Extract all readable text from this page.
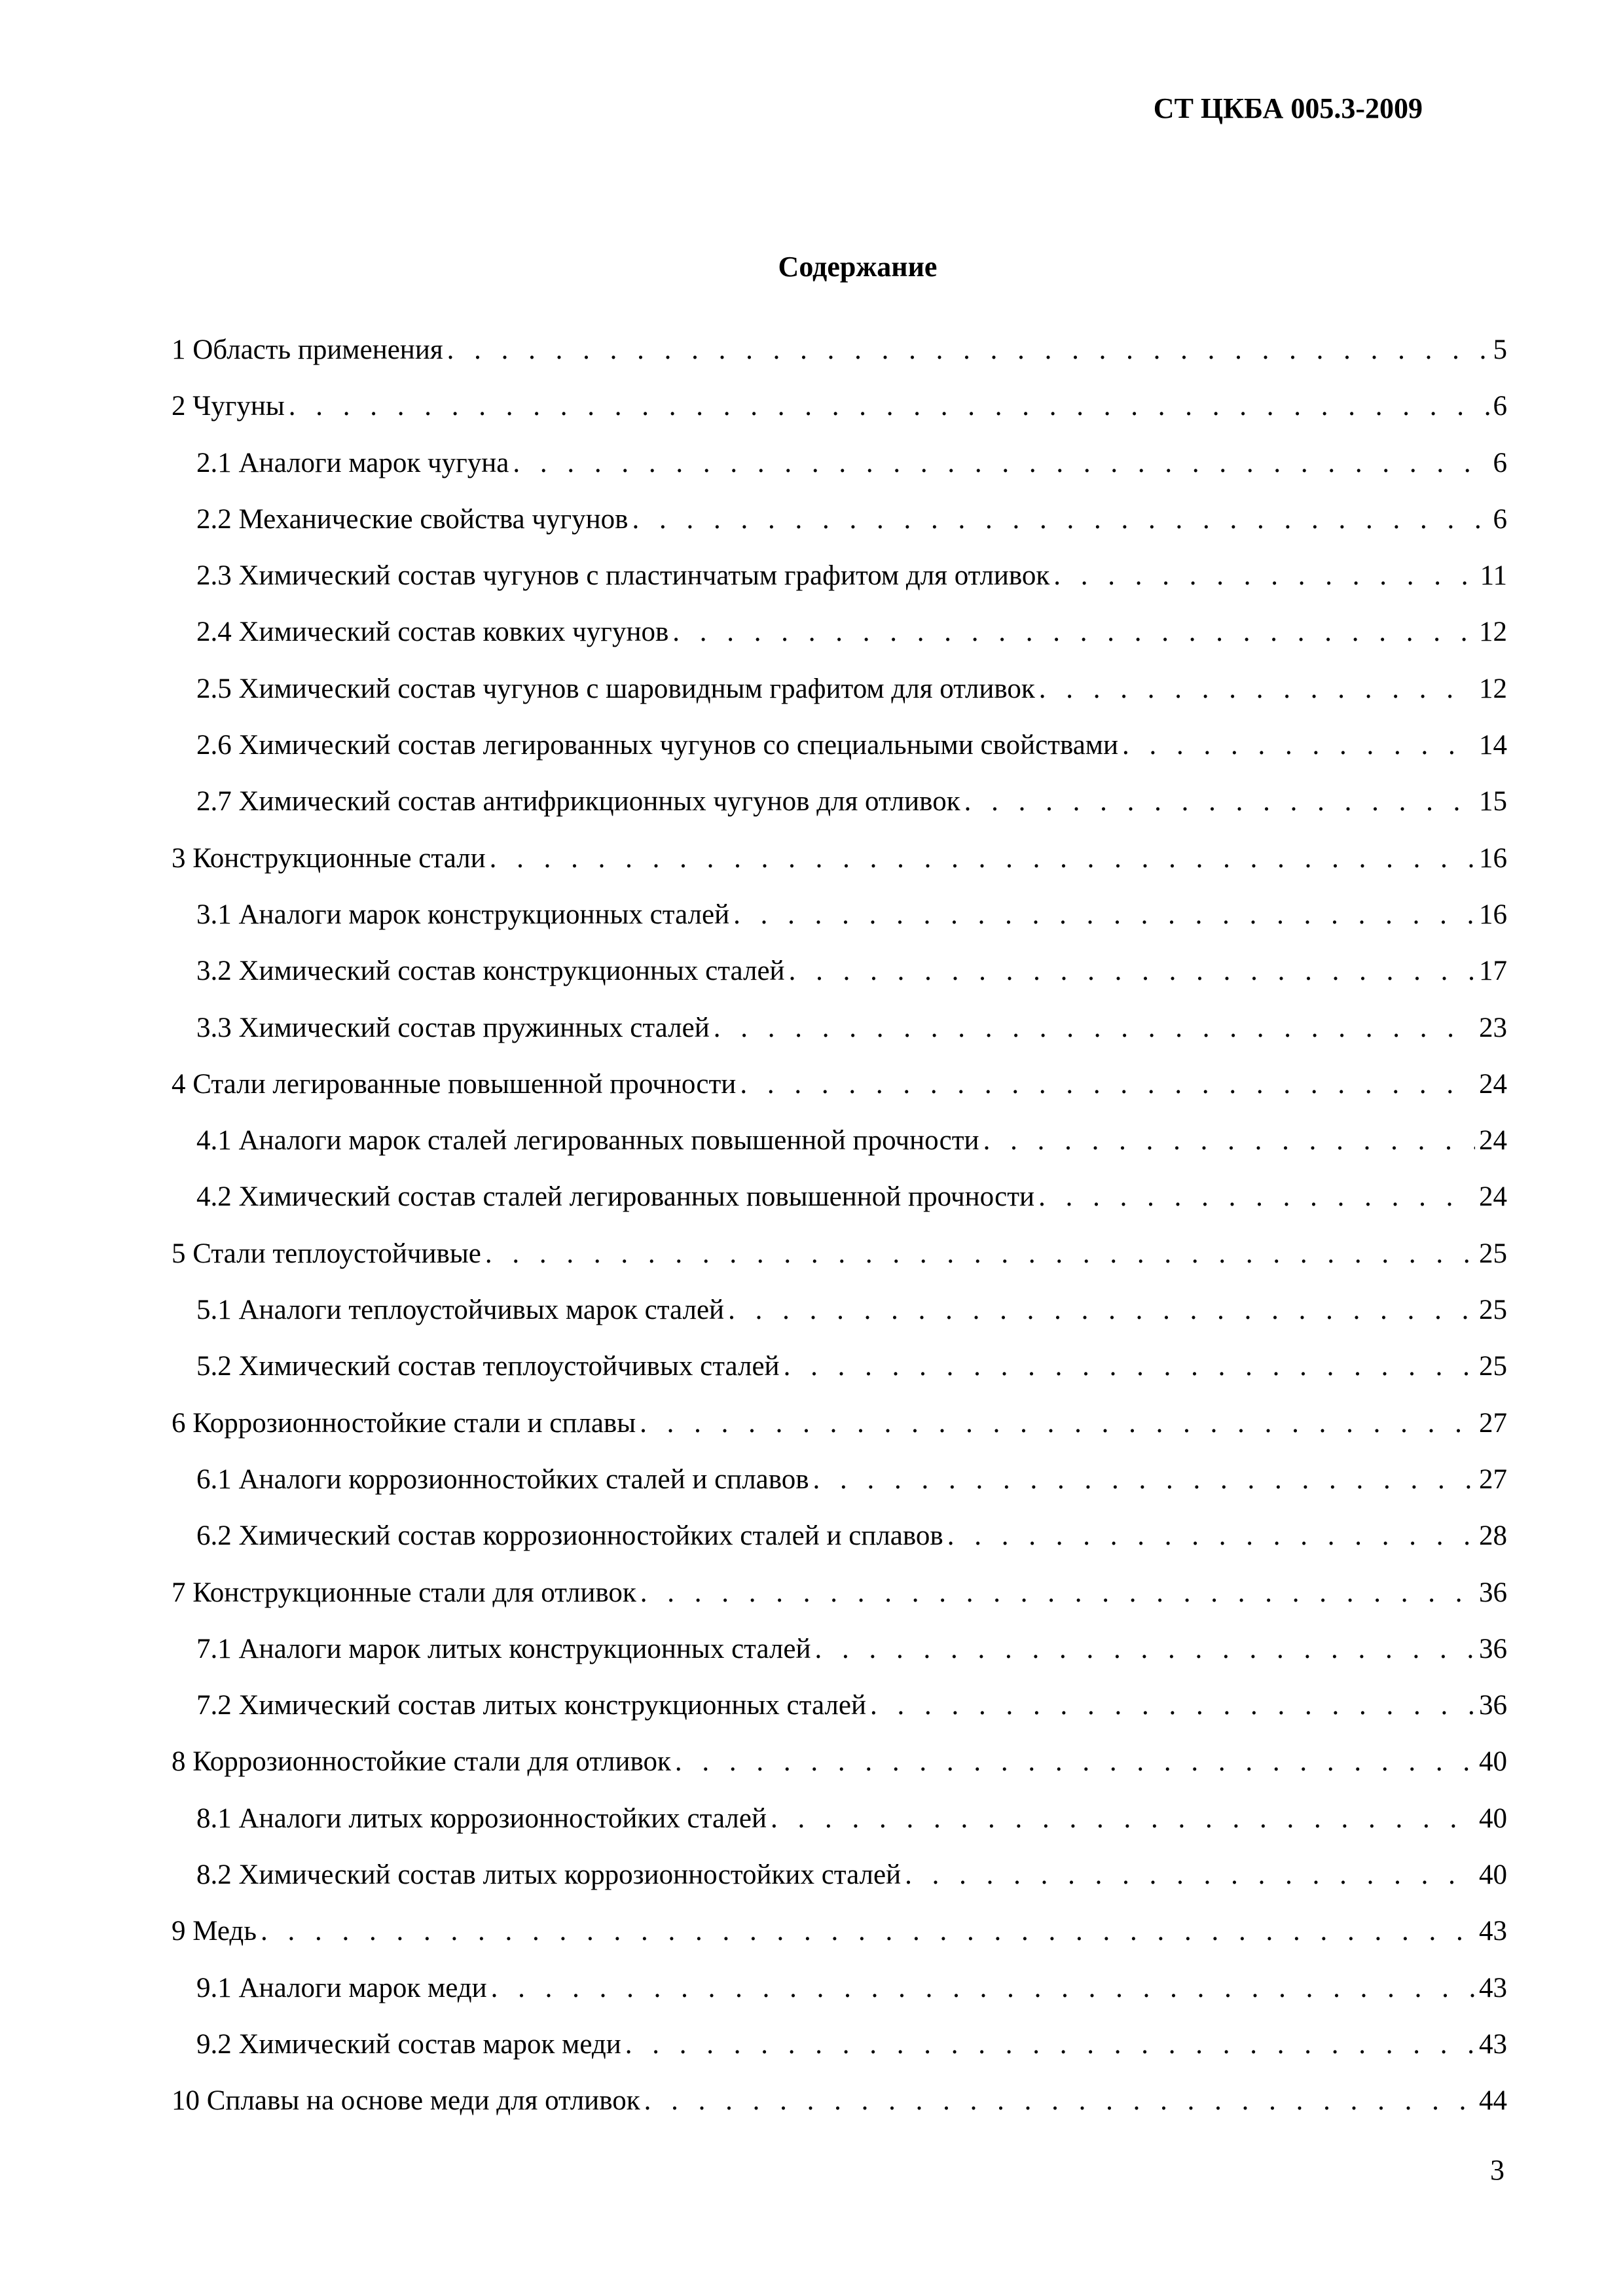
СТ ЦКБА 005.3-2009
Содержание
1 Область применения . . .	5
2 Чугуны . . .	6
2.1 Аналоги марок чугуна . . .	6
2.2 Механические свойства чугунов . . .	6
2.3 Химический состав чугунов с пластинчатым графитом для отливок . . .	11
2.4 Химический состав ковких чугунов . . .	12
2.5 Химический состав чугунов с шаровидным графитом для отливок . . .	12
2.6 Химический состав легированных чугунов со специальными свойствами . . .	14
2.7 Химический состав антифрикционных чугунов для отливок . . .	15
3 Конструкционные стали . . .	16
3.1 Аналоги марок конструкционных сталей . . .	16
3.2 Химический состав конструкционных сталей . . .	17
3.3 Химический состав пружинных сталей . . .	23
4 Стали легированные повышенной прочности . . .	24
4.1 Аналоги марок сталей легированных повышенной прочности . . .	24
4.2 Химический состав сталей легированных повышенной прочности . . .	24
5 Стали теплоустойчивые . . .	25
5.1 Аналоги теплоустойчивых марок сталей . . .	25
5.2 Химический состав теплоустойчивых сталей . . .	25
6 Коррозионностойкие стали и сплавы . . .	27
6.1 Аналоги коррозионностойких сталей и сплавов . . .	27
6.2 Химический состав коррозионностойких сталей и сплавов . . .	28
7 Конструкционные стали для отливок . . .	36
7.1 Аналоги марок литых конструкционных сталей . . .	36
7.2 Химический состав литых конструкционных сталей . . .	36
8 Коррозионностойкие стали для отливок . . .	40
8.1 Аналоги литых коррозионностойких сталей . . .	40
8.2 Химический состав литых коррозионностойких сталей . . .	40
9 Медь . . .	43
9.1 Аналоги марок меди . . .	43
9.2 Химический состав марок меди . . .	43
10 Сплавы на основе меди для отливок . . .	44
3
